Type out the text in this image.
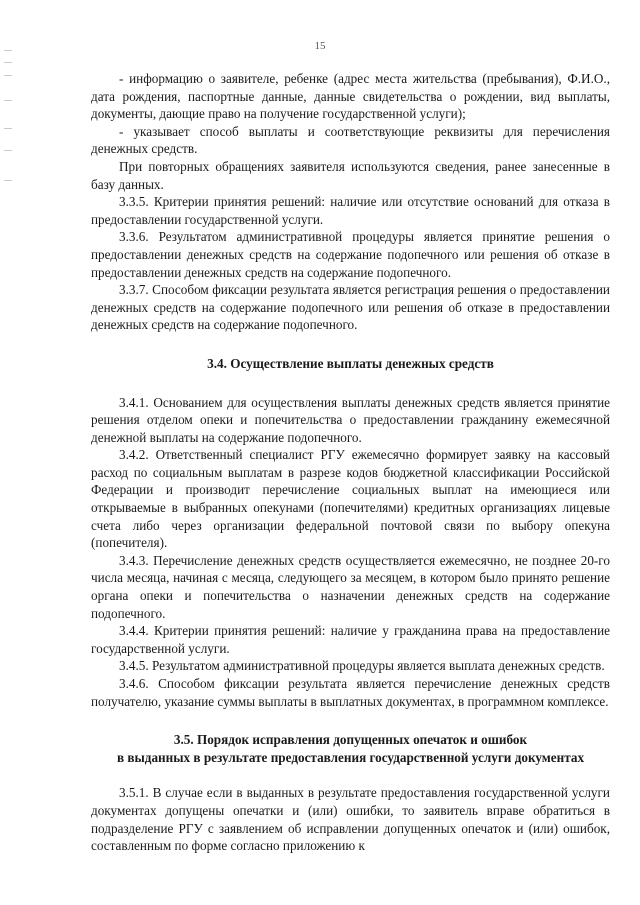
15

- информацию о заявителе, ребенке (адрес места жительства (пребывания), Ф.И.О., дата рождения, паспортные данные, данные свидетельства о рождении, вид выплаты, документы, дающие право на получение государственной услуги);

- указывает способ выплаты и соответствующие реквизиты для перечисления денежных средств.

При повторных обращениях заявителя используются сведения, ранее занесенные в базу данных.

3.3.5. Критерии принятия решений: наличие или отсутствие оснований для отказа в предоставлении государственной услуги.

3.3.6. Результатом административной процедуры является принятие решения о предоставлении денежных средств на содержание подопечного или решения об отказе в предоставлении денежных средств на содержание подопечного.

3.3.7. Способом фиксации результата является регистрация решения о предоставлении денежных средств на содержание подопечного или решения об отказе в предоставлении денежных средств на содержание подопечного.

3.4. Осуществление выплаты денежных средств

3.4.1. Основанием для осуществления выплаты денежных средств является принятие решения отделом опеки и попечительства о предоставлении гражданину ежемесячной денежной выплаты на содержание подопечного.

3.4.2. Ответственный специалист РГУ ежемесячно формирует заявку на кассовый расход по социальным выплатам в разрезе кодов бюджетной классификации Российской Федерации и производит перечисление социальных выплат на имеющиеся или открываемые в выбранных опекунами (попечителями) кредитных организациях лицевые счета либо через организации федеральной почтовой связи по выбору опекуна (попечителя).

3.4.3. Перечисление денежных средств осуществляется ежемесячно, не позднее 20-го числа месяца, начиная с месяца, следующего за месяцем, в котором было принято решение органа опеки и попечительства о назначении денежных средств на содержание подопечного.

3.4.4. Критерии принятия решений: наличие у гражданина права на предоставление государственной услуги.

3.4.5. Результатом административной процедуры является выплата денежных средств.

3.4.6. Способом фиксации результата является перечисление денежных средств получателю, указание суммы выплаты в выплатных документах, в программном комплексе.

3.5. Порядок исправления допущенных опечаток и ошибок
в выданных в результате предоставления государственной услуги документах

3.5.1. В случае если в выданных в результате предоставления государственной услуги документах допущены опечатки и (или) ошибки, то заявитель вправе обратиться в подразделение РГУ с заявлением об исправлении допущенных опечаток и (или) ошибок, составленным по форме согласно приложению к
